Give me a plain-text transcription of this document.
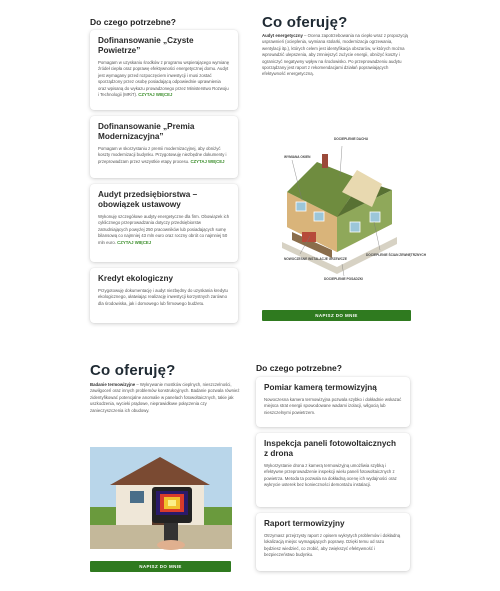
Do czego potrzebne?
Dofinansowanie „Czyste Powietrze”

Pomagam w uzyskaniu środków z programu wspierającego wymianę źródeł ciepła oraz poprawę efektywności energetycznej domu. Audyt jest wymagany przed rozpoczęciem inwestycji i musi zostać sporządzony przez osobę posiadającą odpowiednie uprawnienia oraz wpisaną do wykazu prowadzonego przez Ministerstwo Rozwoju i Technologii (MRiT). CZYTAJ WIĘCEJ

Dofinansowanie „Premia Modernizacyjna”

Pomagam w skorzystaniu z premii modernizacyjnej, aby obniżyć koszty modernizacji budynku. Przygotowuję niezbędne dokumenty i przeprowadzam przez wszystkie etapy procesu. CZYTAJ WIĘCEJ

Audyt przedsiębiorstwa – obowiązek ustawowy

Wykonuję szczegółowe audyty energetyczne dla firm. Obowiązek ich cyklicznego przeprowadzania dotyczy przedsiębiorstw zatrudniających powyżej 250 pracowników lub posiadających sumę bilansową co najmniej 43 mln euro oraz roczny obrót co najmniej 50 mln euro. CZYTAJ WIĘCEJ

Kredyt ekologiczny

Przygotowuję dokumentację i audyt niezbędny do uzyskania kredytu ekologicznego, ułatwiając realizację inwestycji korzystnych zarówno dla środowiska, jak i domowego lub firmowego budżetu.

Co oferuję?

Audyt energetyczny – Ocena zapotrzebowania na ciepło wraz z propozycją usprawnień (ocieplenia, wymiana stolarki, modernizacja ogrzewania, wentylacji itp.), których celem jest identyfikacja obszarów, w których można wprowadzić ulepszenia, aby zmniejszyć zużycie energii, obniżyć koszty i ograniczyć negatywny wpływ na środowisko. Po przeprowadzeniu audytu sporządzany jest raport z rekomendacjami działań poprawiających efektywność energetyczną.

WYMIANA OKIEN
DOCIEPLENIE DACHU
NOWOCZESNE INSTALACJE GRZEWCZE
DOCIEPLENIE ŚCIAN ZEWNĘTRZNYCH
DOCIEPLENIE POSADZKI
NAPISZ DO MNIE
Co oferuję?

Badanie termowizyjne – Wykrywanie mostków cieplnych, nieszczelności, zawilgoceń oraz innych problemów konstrukcyjnych. Badanie pozwala również zidentyfikować potencjalne anomalie w panelach fotowoltaicznych, takie jak uszkodzenia, wycieki prądowe, nieprawidłowe połączenia czy zanieczyszczenia ich obudowy.

NAPISZ DO MNIE
Do czego potrzebne?
Pomiar kamerą termowizyjną

Nowoczesna kamera termowizyjna pozwala szybko i dokładnie wskazać miejsca strat energii spowodowane wadami izolacji, wilgocią lub nieszczelnymi powietrzem.

Inspekcja paneli fotowoltaicznych z drona

Wykorzystanie drona z kamerą termowizyjną umożliwia szybką i efektywne przeprowadzenie inspekcji wielu paneli fotowoltaicznych z powietrza. Metoda ta pozwala na dokładną ocenę ich wydajności oraz wykrycie usterek bez konieczności demontażu instalacji.

Raport termowizyjny

Otrzymasz przejrzysty raport z opisem wykrytych problemów i dokładną lokalizacją miejsc wymagających poprawy. Dzięki temu od razu będziesz wiedzieć, co zrobić, aby zwiększyć efektywność i bezpieczeństwo budynku.
